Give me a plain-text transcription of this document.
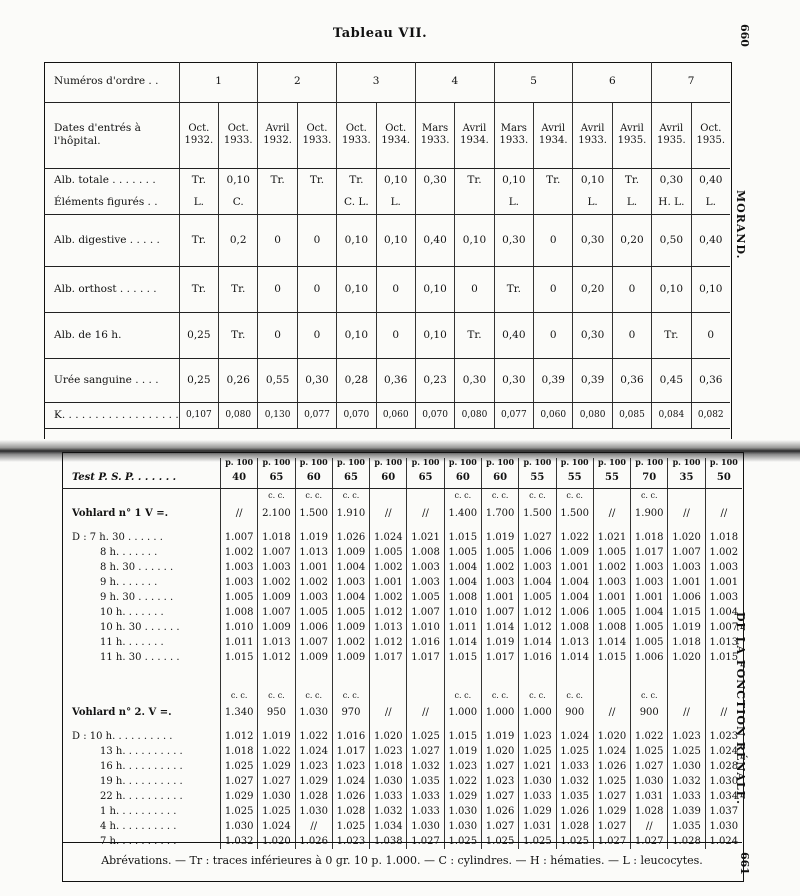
Tableau VII.	660
MORAND.
DE LA FONCTION RÉNALE.
661
Numéros d'ordre . .	1		2		3		4		5		6		7	
Dates d'entrés à l'hôpital.	Oct. 1932.	Oct. 1933.	Avril 1932.	Oct. 1933.	Oct. 1933.	Oct. 1934.	Mars 1933.	Avril 1934.	Mars 1933.	Avril 1934.	Avril 1933.	Avril 1935.	Avril 1935.	Oct. 1935.
Alb. totale . . . . . . .	Tr.	0,10	Tr.	Tr.	Tr.	0,10	0,30	Tr.	0,10	Tr.	0,10	Tr.	0,30	0,40
Éléments figurés . .	L.	C.			C. L.	L.			L.		L.	L.	H. L.	L.
Alb. digestive . . . . .	Tr.	0,2	0	0	0,10	0,10	0,40	0,10	0,30	0	0,30	0,20	0,50	0,40
Alb. orthost . . . . . .	Tr.	Tr.	0	0	0,10	0	0,10	0	Tr.	0	0,20	0	0,10	0,10
Alb. de 16 h.	0,25	Tr.	0	0	0,10	0	0,10	Tr.	0,40	0	0,30	0	Tr.	0
Urée sanguine . . . .	0,25	0,26	0,55	0,30	0,28	0,36	0,23	0,30	0,30	0,39	0,39	0,36	0,45	0,36
K. . . . . . . . . . . . . . . . . .	0,107	0,080	0,130	0,077	0,070	0,060	0,070	0,080	0,077	0,060	0,080	0,085	0,084	0,082
	p. 100	p. 100	p. 100	p. 100	p. 100	p. 100	p. 100	p. 100	p. 100	p. 100	p. 100	p. 100	p. 100	p. 100
Test P. S. P. . . . . . .	40	65	60	65	60	65	60	60	55	55	55	70	35	50
		c. c.	c. c.	c. c.			c. c.	c. c.	c. c.	c. c.		c. c.		
Vohlard n° 1 V =.	//	2.100	1.500	1.910	//	//	1.400	1.700	1.500	1.500	//	1.900	//	//

D : 7 h. 30 . . . . . .	1.007	1.018	1.019	1.026	1.024	1.021	1.015	1.019	1.027	1.022	1.021	1.018	1.020	1.018
8 h. . . . . . .	1.002	1.007	1.013	1.009	1.005	1.008	1.005	1.005	1.006	1.009	1.005	1.017	1.007	1.002
8 h. 30 . . . . . .	1.003	1.003	1.001	1.004	1.002	1.003	1.004	1.002	1.003	1.001	1.002	1.003	1.003	1.003
9 h. . . . . . .	1.003	1.002	1.002	1.003	1.001	1.003	1.004	1.003	1.004	1.004	1.003	1.003	1.001	1.001
9 h. 30 . . . . . .	1.005	1.009	1.003	1.004	1.002	1.005	1.008	1.001	1.005	1.004	1.001	1.001	1.006	1.003
10 h. . . . . . .	1.008	1.007	1.005	1.005	1.012	1.007	1.010	1.007	1.012	1.006	1.005	1.004	1.015	1.004
10 h. 30 . . . . . .	1.010	1.009	1.006	1.009	1.013	1.010	1.011	1.014	1.012	1.008	1.008	1.005	1.019	1.007
11 h. . . . . . .	1.011	1.013	1.007	1.002	1.012	1.016	1.014	1.019	1.014	1.013	1.014	1.005	1.018	1.013
11 h. 30 . . . . . .	1.015	1.012	1.009	1.009	1.017	1.017	1.015	1.017	1.016	1.014	1.015	1.006	1.020	1.015

	c. c.	c. c.	c. c.	c. c.			c. c.	c. c.	c. c.	c. c.		c. c.		
Vohlard n° 2. V =.	1.340	950	1.030	970	//	//	1.000	1.000	1.000	900	//	900	//	//

D : 10 h. . . . . . . . . .	1.012	1.019	1.022	1.016	1.020	1.025	1.015	1.019	1.023	1.024	1.020	1.022	1.023	1.023
13 h. . . . . . . . . .	1.018	1.022	1.024	1.017	1.023	1.027	1.019	1.020	1.025	1.025	1.024	1.025	1.025	1.024
16 h. . . . . . . . . .	1.025	1.029	1.023	1.023	1.018	1.032	1.023	1.027	1.021	1.033	1.026	1.027	1.030	1.028
19 h. . . . . . . . . .	1.027	1.027	1.029	1.024	1.030	1.035	1.022	1.023	1.030	1.032	1.025	1.030	1.032	1.030
22 h. . . . . . . . . .	1.029	1.030	1.028	1.026	1.033	1.033	1.029	1.027	1.033	1.035	1.027	1.031	1.033	1.034
1 h. . . . . . . . . .	1.025	1.025	1.030	1.028	1.032	1.033	1.030	1.026	1.029	1.026	1.029	1.028	1.039	1.037
4 h. . . . . . . . . .	1.030	1.024	//	1.025	1.034	1.030	1.030	1.027	1.031	1.028	1.027	//	1.035	1.030
7 h. . . . . . . . . .	1.032	1.020	1.026	1.023	1.038	1.027	1.025	1.025	1.025	1.025	1.027	1.027	1.028	1.024
Abrévations. — Tr : traces inférieures à 0 gr. 10 p. 1.000. — C : cylindres. — H : hématies. — L : leucocytes.
